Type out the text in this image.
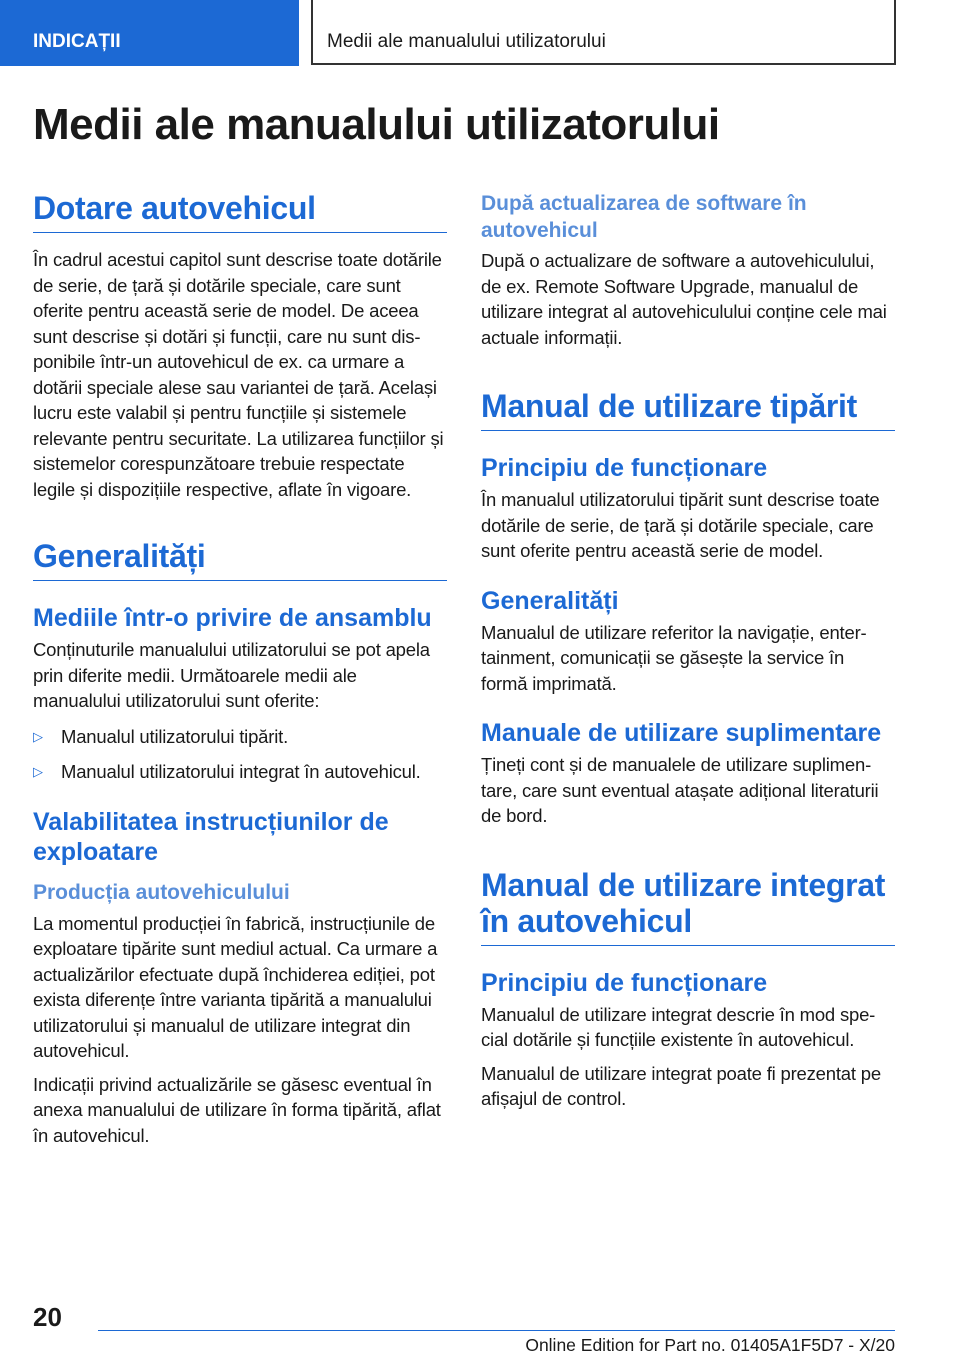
INDICAȚII	Medii ale manualului utilizatorului
Medii ale manualului utilizatorului
Dotare autovehicul

În cadrul acestui capitol sunt descrise toate dotările de serie, de țară și dotările speciale, care sunt oferite pentru această serie de model. De aceea sunt descrise și dotări și funcții, care nu sunt disponibile într-un autovehicul de ex. ca urmare a dotării speciale alese sau variantei de țară. Același lucru este valabil și pentru funcțiile și sistemele relevante pentru securitate. La utilizarea funcțiilor și sistemelor corespunzătoare trebuie respectate legile și dispozițiile respective, aflate în vigoare.

Generalități
Mediile într-o privire de ansamblu

Conținuturile manualului utilizatorului se pot apela prin diferite medii. Următoarele medii ale manualului utilizatorului sunt oferite:

▷ Manualul utilizatorului tipărit.
▷ Manualul utilizatorului integrat în autovehicul.
Valabilitatea instrucțiunilor de exploatare
Producția autovehiculului

La momentul producției în fabrică, instrucțiunile de exploatare tipărite sunt mediul actual. Ca urmare a actualizărilor efectuate după închiderea ediției, pot exista diferențe între varianta tipărită a manualului utilizatorului și manualul de utilizare integrat din autovehicul.

Indicații privind actualizările se găsesc eventual în anexa manualului de utilizare în forma tipărită, aflat în autovehicul.

După actualizarea de software în autovehicul

După o actualizare de software a autovehiculului, de ex. Remote Software Upgrade, manualul de utilizare integrat al autovehiculului conține cele mai actuale informații.

Manual de utilizare tipărit
Principiu de funcționare

În manualul utilizatorului tipărit sunt descrise toate dotările de serie, de țară și dotările speciale, care sunt oferite pentru această serie de model.

Generalități

Manualul de utilizare referitor la navigație, entertainment, comunicații se găsește la service în formă imprimată.

Manuale de utilizare suplimentare

Țineți cont și de manualele de utilizare suplimentare, care sunt eventual atașate adițional literaturii de bord.

Manual de utilizare integrat în autovehicul
Principiu de funcționare

Manualul de utilizare integrat descrie în mod special dotările și funcțiile existente în autovehicul.

Manualul de utilizare integrat poate fi prezentat pe afișajul de control.

20
Online Edition for Part no. 01405A1F5D7 - X/20
